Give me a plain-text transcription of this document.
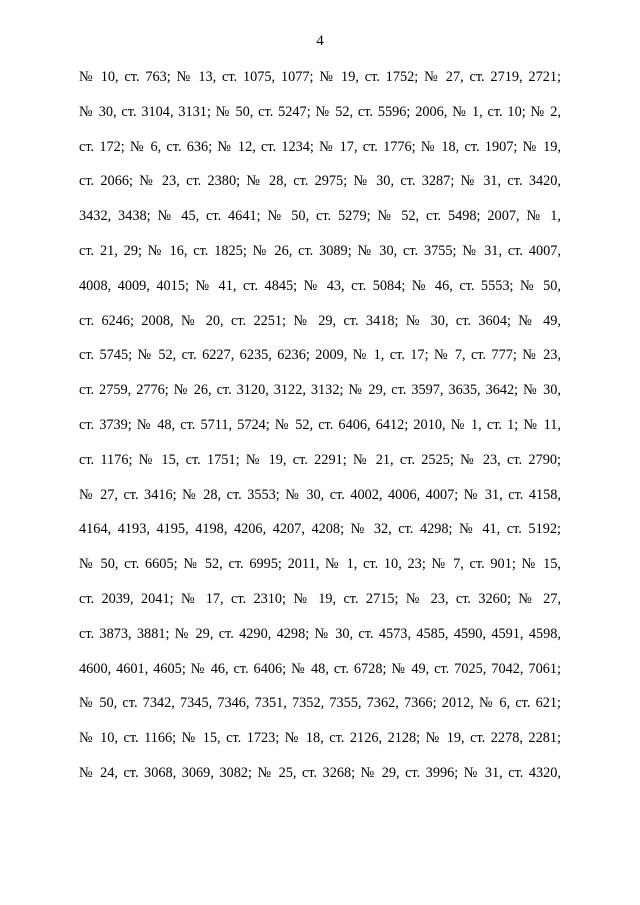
4
№ 10, ст. 763; № 13, ст. 1075, 1077; № 19, ст. 1752; № 27, ст. 2719, 2721;
№ 30, ст. 3104, 3131; № 50, ст. 5247; № 52, ст. 5596; 2006, № 1, ст. 10; № 2,
ст. 172; № 6, ст. 636; № 12, ст. 1234; № 17, ст. 1776; № 18, ст. 1907; № 19,
ст. 2066; № 23, ст. 2380; № 28, ст. 2975; № 30, ст. 3287; № 31, ст. 3420,
3432, 3438; № 45, ст. 4641; № 50, ст. 5279; № 52, ст. 5498; 2007, № 1,
ст. 21, 29; № 16, ст. 1825; № 26, ст. 3089; № 30, ст. 3755; № 31, ст. 4007,
4008, 4009, 4015; № 41, ст. 4845; № 43, ст. 5084; № 46, ст. 5553; № 50,
ст. 6246; 2008, № 20, ст. 2251; № 29, ст. 3418; № 30, ст. 3604; № 49,
ст. 5745; № 52, ст. 6227, 6235, 6236; 2009, № 1, ст. 17; № 7, ст. 777; № 23,
ст. 2759, 2776; № 26, ст. 3120, 3122, 3132; № 29, ст. 3597, 3635, 3642; № 30,
ст. 3739; № 48, ст. 5711, 5724; № 52, ст. 6406, 6412; 2010, № 1, ст. 1; № 11,
ст. 1176; № 15, ст. 1751; № 19, ст. 2291; № 21, ст. 2525; № 23, ст. 2790;
№ 27, ст. 3416; № 28, ст. 3553; № 30, ст. 4002, 4006, 4007; № 31, ст. 4158,
4164, 4193, 4195, 4198, 4206, 4207, 4208; № 32, ст. 4298; № 41, ст. 5192;
№ 50, ст. 6605; № 52, ст. 6995; 2011, № 1, ст. 10, 23; № 7, ст. 901; № 15,
ст. 2039, 2041; № 17, ст. 2310; № 19, ст. 2715; № 23, ст. 3260; № 27,
ст. 3873, 3881; № 29, ст. 4290, 4298; № 30, ст. 4573, 4585, 4590, 4591, 4598,
4600, 4601, 4605; № 46, ст. 6406; № 48, ст. 6728; № 49, ст. 7025, 7042, 7061;
№ 50, ст. 7342, 7345, 7346, 7351, 7352, 7355, 7362, 7366; 2012, № 6, ст. 621;
№ 10, ст. 1166; № 15, ст. 1723; № 18, ст. 2126, 2128; № 19, ст. 2278, 2281;
№ 24, ст. 3068, 3069, 3082; № 25, ст. 3268; № 29, ст. 3996; № 31, ст. 4320,
